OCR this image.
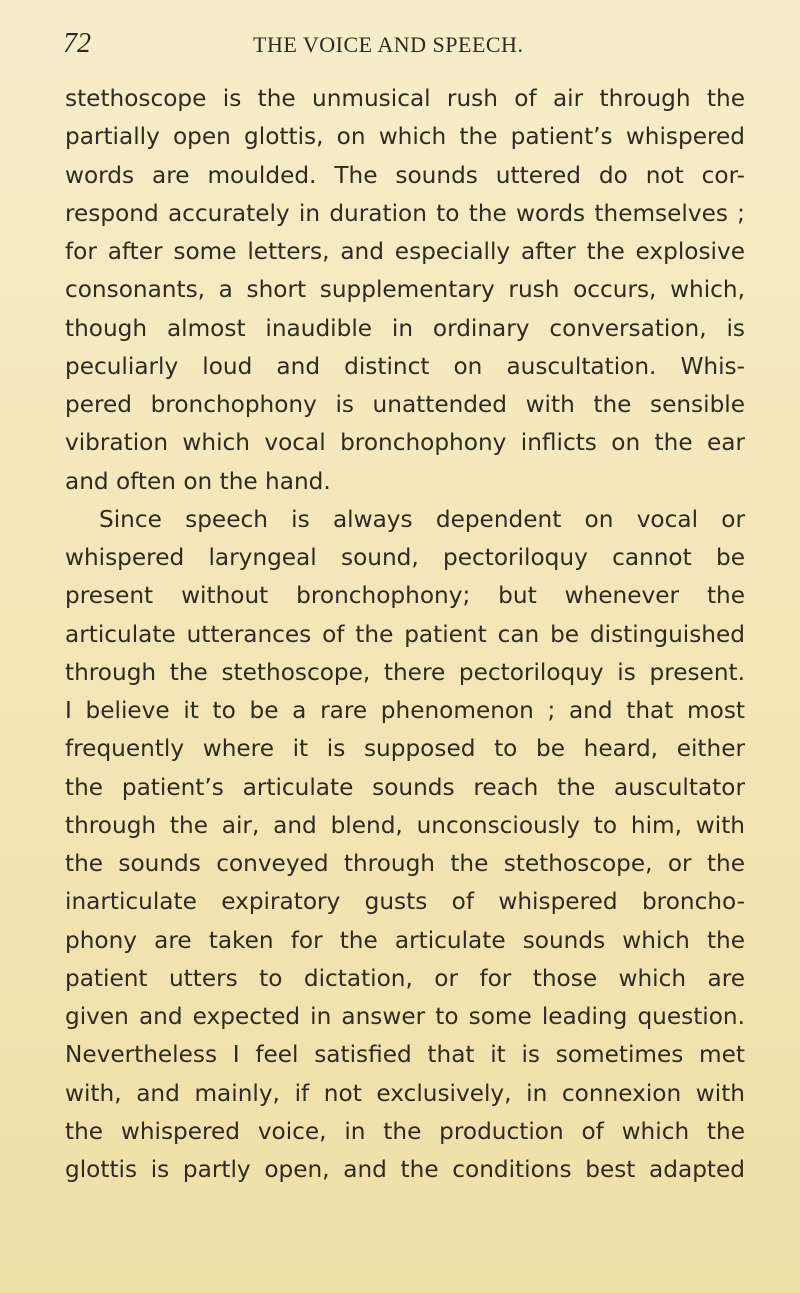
72	THE VOICE AND SPEECH.
stethoscope is the unmusical rush of air through the
partially open glottis, on which the patient’s whispered
words are moulded. The sounds uttered do not cor-
respond accurately in duration to the words themselves ;
for after some letters, and especially after the explosive
consonants, a short supplementary rush occurs, which,
though almost inaudible in ordinary conversation, is
peculiarly loud and distinct on auscultation. Whis-
pered bronchophony is unattended with the sensible
vibration which vocal bronchophony inflicts on the ear
and often on the hand.
Since speech is always dependent on vocal or
whispered laryngeal sound, pectoriloquy cannot be
present without bronchophony; but whenever the
articulate utterances of the patient can be distinguished
through the stethoscope, there pectoriloquy is present.
I believe it to be a rare phenomenon ; and that most
frequently where it is supposed to be heard, either
the patient’s articulate sounds reach the auscultator
through the air, and blend, unconsciously to him, with
the sounds conveyed through the stethoscope, or the
inarticulate expiratory gusts of whispered broncho-
phony are taken for the articulate sounds which the
patient utters to dictation, or for those which are
given and expected in answer to some leading question.
Nevertheless I feel satisfied that it is sometimes met
with, and mainly, if not exclusively, in connexion with
the whispered voice, in the production of which the
glottis is partly open, and the conditions best adapted
